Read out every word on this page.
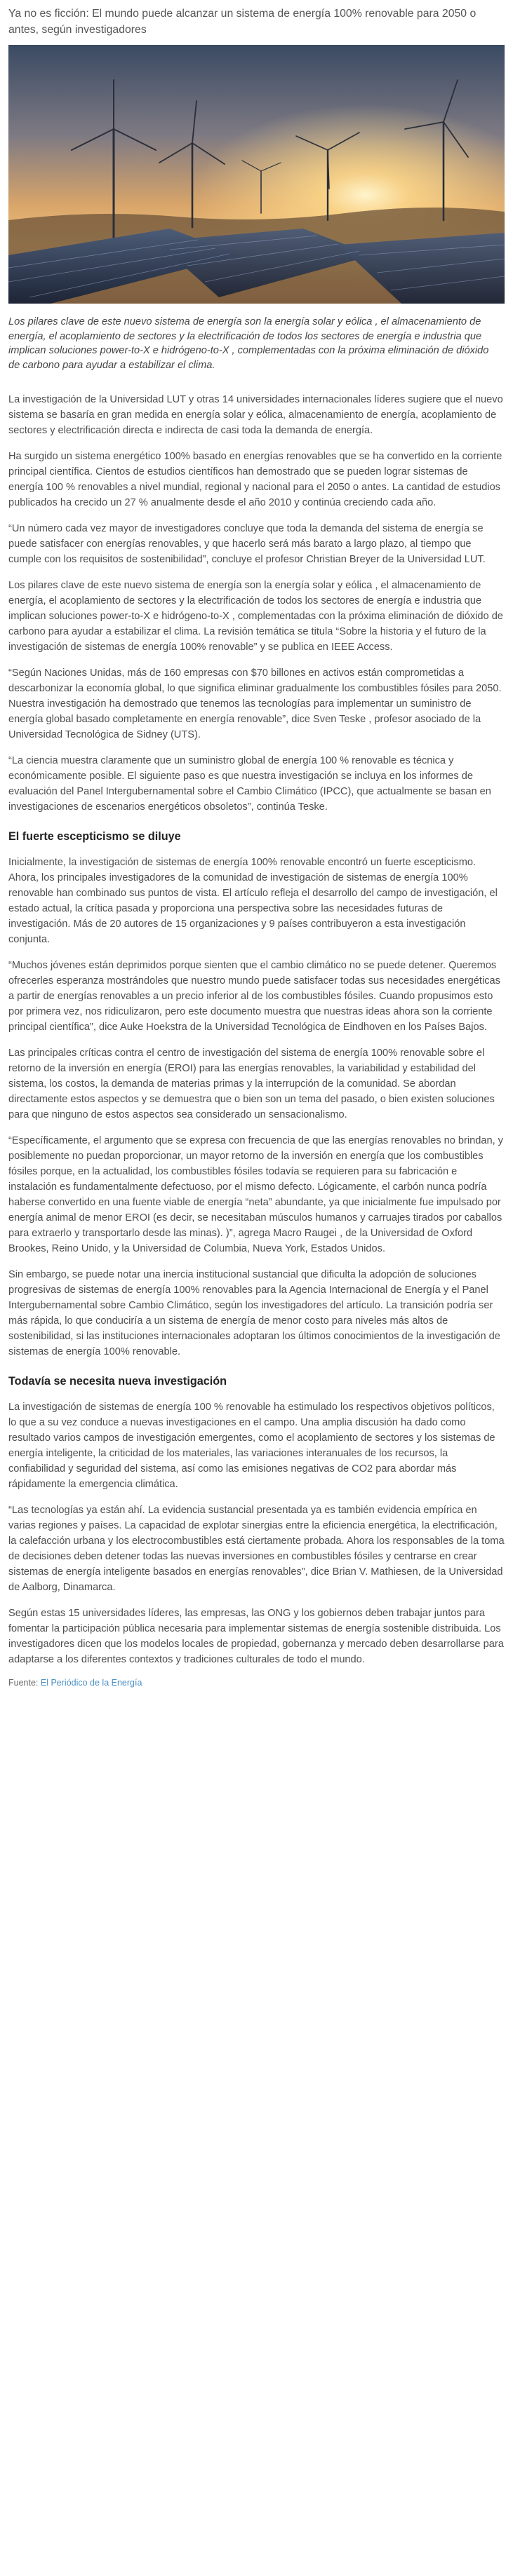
Ya no es ficción: El mundo puede alcanzar un sistema de energía 100% renovable para 2050 o antes, según investigadores

Los pilares clave de este nuevo sistema de energía son la energía solar y eólica , el almacenamiento de energía, el acoplamiento de sectores y la electrificación de todos los sectores de energía e industria que implican soluciones power-to-X e hidrógeno-to-X , complementadas con la próxima eliminación de dióxido de carbono para ayudar a estabilizar el clima.

La investigación de la Universidad LUT y otras 14 universidades internacionales líderes sugiere que el nuevo sistema se basaría en gran medida en energía solar y eólica, almacenamiento de energía, acoplamiento de sectores y electrificación directa e indirecta de casi toda la demanda de energía.

Ha surgido un sistema energético 100% basado en energías renovables que se ha convertido en la corriente principal científica. Cientos de estudios científicos han demostrado que se pueden lograr sistemas de energía 100 % renovables a nivel mundial, regional y nacional para el 2050 o antes. La cantidad de estudios publicados ha crecido un 27 % anualmente desde el año 2010 y continúa creciendo cada año.

“Un número cada vez mayor de investigadores concluye que toda la demanda del sistema de energía se puede satisfacer con energías renovables, y que hacerlo será más barato a largo plazo, al tiempo que cumple con los requisitos de sostenibilidad”, concluye el profesor Christian Breyer de la Universidad LUT.

Los pilares clave de este nuevo sistema de energía son la energía solar y eólica , el almacenamiento de energía, el acoplamiento de sectores y la electrificación de todos los sectores de energía e industria que implican soluciones power-to-X e hidrógeno-to-X , complementadas con la próxima eliminación de dióxido de carbono para ayudar a estabilizar el clima. La revisión temática se titula “Sobre la historia y el futuro de la investigación de sistemas de energía 100% renovable” y se publica en IEEE Access.

“Según Naciones Unidas, más de 160 empresas con $70 billones en activos están comprometidas a descarbonizar la economía global, lo que significa eliminar gradualmente los combustibles fósiles para 2050. Nuestra investigación ha demostrado que tenemos las tecnologías para implementar un suministro de energía global basado completamente en energía renovable”, dice Sven Teske , profesor asociado de la Universidad Tecnológica de Sidney (UTS).

“La ciencia muestra claramente que un suministro global de energía 100 % renovable es técnica y económicamente posible. El siguiente paso es que nuestra investigación se incluya en los informes de evaluación del Panel Intergubernamental sobre el Cambio Climático (IPCC), que actualmente se basan en investigaciones de escenarios energéticos obsoletos”, continúa Teske.

El fuerte escepticismo se diluye

Inicialmente, la investigación de sistemas de energía 100% renovable encontró un fuerte escepticismo. Ahora, los principales investigadores de la comunidad de investigación de sistemas de energía 100% renovable han combinado sus puntos de vista. El artículo refleja el desarrollo del campo de investigación, el estado actual, la crítica pasada y proporciona una perspectiva sobre las necesidades futuras de investigación. Más de 20 autores de 15 organizaciones y 9 países contribuyeron a esta investigación conjunta.

“Muchos jóvenes están deprimidos porque sienten que el cambio climático no se puede detener. Queremos ofrecerles esperanza mostrándoles que nuestro mundo puede satisfacer todas sus necesidades energéticas a partir de energías renovables a un precio inferior al de los combustibles fósiles. Cuando propusimos esto por primera vez, nos ridiculizaron, pero este documento muestra que nuestras ideas ahora son la corriente principal científica”, dice Auke Hoekstra de la Universidad Tecnológica de Eindhoven en los Países Bajos.

Las principales críticas contra el centro de investigación del sistema de energía 100% renovable sobre el retorno de la inversión en energía (EROI) para las energías renovables, la variabilidad y estabilidad del sistema, los costos, la demanda de materias primas y la interrupción de la comunidad. Se abordan directamente estos aspectos y se demuestra que o bien son un tema del pasado, o bien existen soluciones para que ninguno de estos aspectos sea considerado un sensacionalismo.

“Específicamente, el argumento que se expresa con frecuencia de que las energías renovables no brindan, y posiblemente no puedan proporcionar, un mayor retorno de la inversión en energía que los combustibles fósiles porque, en la actualidad, los combustibles fósiles todavía se requieren para su fabricación e instalación es fundamentalmente defectuoso, por el mismo defecto. Lógicamente, el carbón nunca podría haberse convertido en una fuente viable de energía “neta” abundante, ya que inicialmente fue impulsado por energía animal de menor EROI (es decir, se necesitaban músculos humanos y carruajes tirados por caballos para extraerlo y transportarlo desde las minas). )”, agrega Macro Raugei , de la Universidad de Oxford Brookes, Reino Unido, y la Universidad de Columbia, Nueva York, Estados Unidos.

Sin embargo, se puede notar una inercia institucional sustancial que dificulta la adopción de soluciones progresivas de sistemas de energía 100% renovables para la Agencia Internacional de Energía y el Panel Intergubernamental sobre Cambio Climático, según los investigadores del artículo. La transición podría ser más rápida, lo que conduciría a un sistema de energía de menor costo para niveles más altos de sostenibilidad, si las instituciones internacionales adoptaran los últimos conocimientos de la investigación de sistemas de energía 100% renovable.

Todavía se necesita nueva investigación

La investigación de sistemas de energía 100 % renovable ha estimulado los respectivos objetivos políticos, lo que a su vez conduce a nuevas investigaciones en el campo. Una amplia discusión ha dado como resultado varios campos de investigación emergentes, como el acoplamiento de sectores y los sistemas de energía inteligente, la criticidad de los materiales, las variaciones interanuales de los recursos, la confiabilidad y seguridad del sistema, así como las emisiones negativas de CO2 para abordar más rápidamente la emergencia climática.

“Las tecnologías ya están ahí. La evidencia sustancial presentada ya es también evidencia empírica en varias regiones y países. La capacidad de explotar sinergias entre la eficiencia energética, la electrificación, la calefacción urbana y los electrocombustibles está ciertamente probada. Ahora los responsables de la toma de decisiones deben detener todas las nuevas inversiones en combustibles fósiles y centrarse en crear sistemas de energía inteligente basados en energías renovables”, dice Brian V. Mathiesen, de la Universidad de Aalborg, Dinamarca.

Según estas 15 universidades líderes, las empresas, las ONG y los gobiernos deben trabajar juntos para fomentar la participación pública necesaria para implementar sistemas de energía sostenible distribuida. Los investigadores dicen que los modelos locales de propiedad, gobernanza y mercado deben desarrollarse para adaptarse a los diferentes contextos y tradiciones culturales de todo el mundo.

Fuente: El Periódico de la Energía
